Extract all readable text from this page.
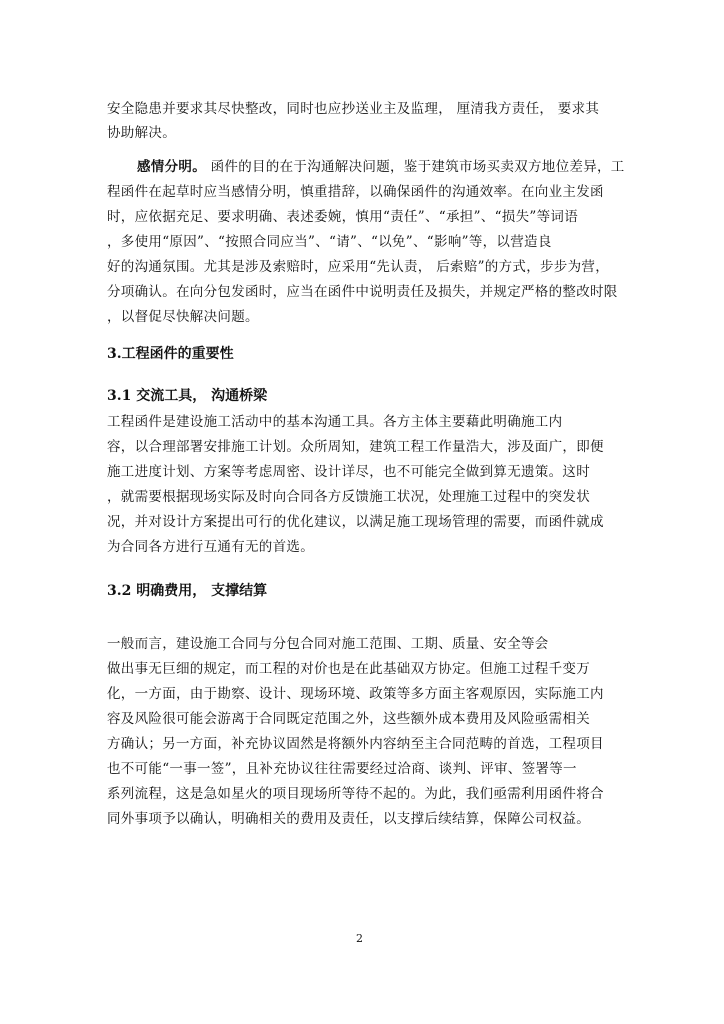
安全隐患并要求其尽快整改，同时也应抄送业主及监理， 厘清我方责任， 要求其
协助解决。
感情分明。 函件的目的在于沟通解决问题，鉴于建筑市场买卖双方地位差异，工
程函件在起草时应当感情分明，慎重措辞，以确保函件的沟通效率。在向业主发函
时，应依据充足、要求明确、表述委婉，慎用“责任”、“承担”、“损失”等词语
，多使用“原因”、“按照合同应当”、“请”、“以免”、“影响”等，以营造良
好的沟通氛围。尤其是涉及索赔时，应采用“先认责， 后索赔”的方式，步步为营，
分项确认。在向分包发函时，应当在函件中说明责任及损失，并规定严格的整改时限
，以督促尽快解决问题。
3.工程函件的重要性
3.1 交流工具， 沟通桥梁
工程函件是建设施工活动中的基本沟通工具。各方主体主要藉此明确施工内
容，以合理部署安排施工计划。众所周知，建筑工程工作量浩大，涉及面广，即便
施工进度计划、方案等考虑周密、设计详尽，也不可能完全做到算无遗策。这时
，就需要根据现场实际及时向合同各方反馈施工状况，处理施工过程中的突发状
况，并对设计方案提出可行的优化建议，以满足施工现场管理的需要，而函件就成
为合同各方进行互通有无的首选。
3.2 明确费用， 支撑结算
一般而言，建设施工合同与分包合同对施工范围、工期、质量、安全等会
做出事无巨细的规定，而工程的对价也是在此基础双方协定。但施工过程千变万
化，一方面，由于勘察、设计、现场环境、政策等多方面主客观原因，实际施工内
容及风险很可能会游离于合同既定范围之外，这些额外成本费用及风险亟需相关
方确认；另一方面，补充协议固然是将额外内容纳至主合同范畴的首选，工程项目
也不可能“一事一签”，且补充协议往往需要经过洽商、谈判、评审、签署等一
系列流程，这是急如星火的项目现场所等待不起的。为此，我们亟需利用函件将合
同外事项予以确认，明确相关的费用及责任，以支撑后续结算，保障公司权益。
2
